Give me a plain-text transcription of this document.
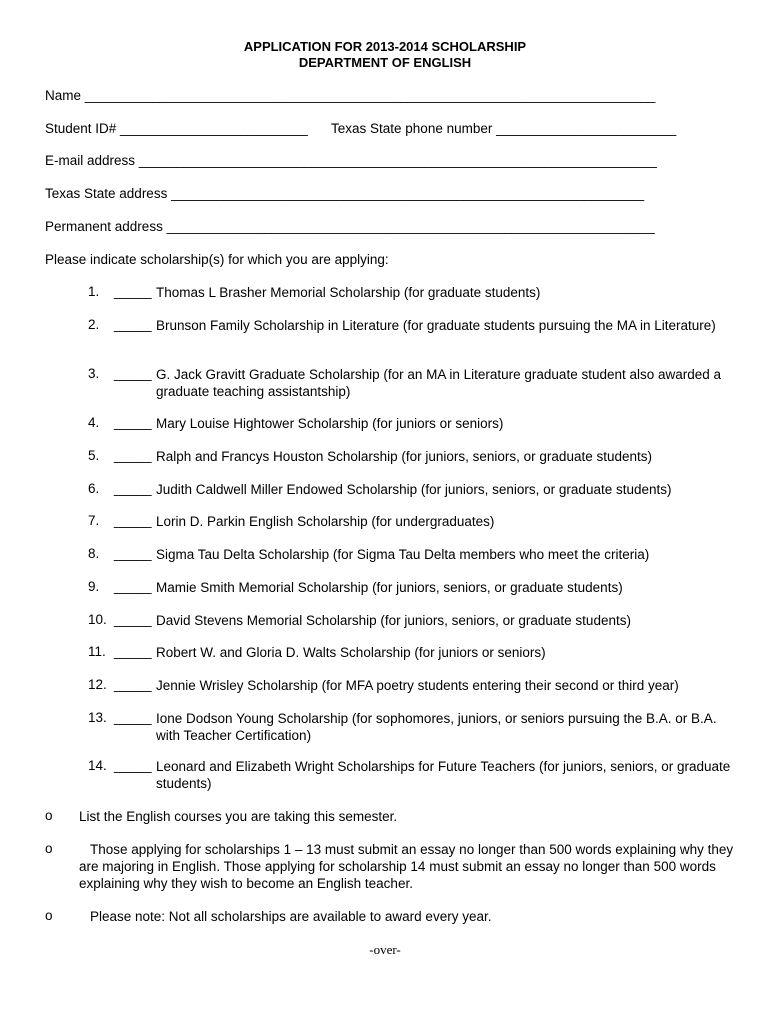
APPLICATION FOR 2013-2014 SCHOLARSHIP
DEPARTMENT OF ENGLISH
Name ____________________________________________________________________________
Student ID# _________________________ Texas State phone number ________________________
E-mail address _____________________________________________________________________
Texas State address _______________________________________________________________
Permanent address _________________________________________________________________
Please indicate scholarship(s) for which you are applying:
1.	_____ Thomas L Brasher Memorial Scholarship (for graduate students)
2.	_____ Brunson Family Scholarship in Literature (for graduate students pursuing the MA in Literature)
3.	_____ G. Jack Gravitt Graduate Scholarship (for an MA in Literature graduate student also awarded a graduate teaching assistantship)
4.	_____ Mary Louise Hightower Scholarship (for juniors or seniors)
5.	_____ Ralph and Francys Houston Scholarship (for juniors, seniors, or graduate students)
6.	_____ Judith Caldwell Miller Endowed Scholarship (for juniors, seniors, or graduate students)
7.	_____ Lorin D. Parkin English Scholarship (for undergraduates)
8.	_____ Sigma Tau Delta Scholarship (for Sigma Tau Delta members who meet the criteria)
9.	_____ Mamie Smith Memorial Scholarship (for juniors, seniors, or graduate students)
10. _____ David Stevens Memorial Scholarship (for juniors, seniors, or graduate students)
11. _____ Robert W. and Gloria D. Walts Scholarship (for juniors or seniors)
12. _____ Jennie Wrisley Scholarship (for MFA poetry students entering their second or third year)
13. _____ Ione Dodson Young Scholarship (for sophomores, juniors, or seniors pursuing the B.A. or B.A. with Teacher Certification)
14. _____ Leonard and Elizabeth Wright Scholarships for Future Teachers (for juniors, seniors, or graduate students)
o List the English courses you are taking this semester.
o	Those applying for scholarships 1 – 13 must submit an essay no longer than 500 words explaining why they are majoring in English. Those applying for scholarship 14 must submit an essay no longer than 500 words explaining why they wish to become an English teacher.
o	Please note: Not all scholarships are available to award every year.
-over-
